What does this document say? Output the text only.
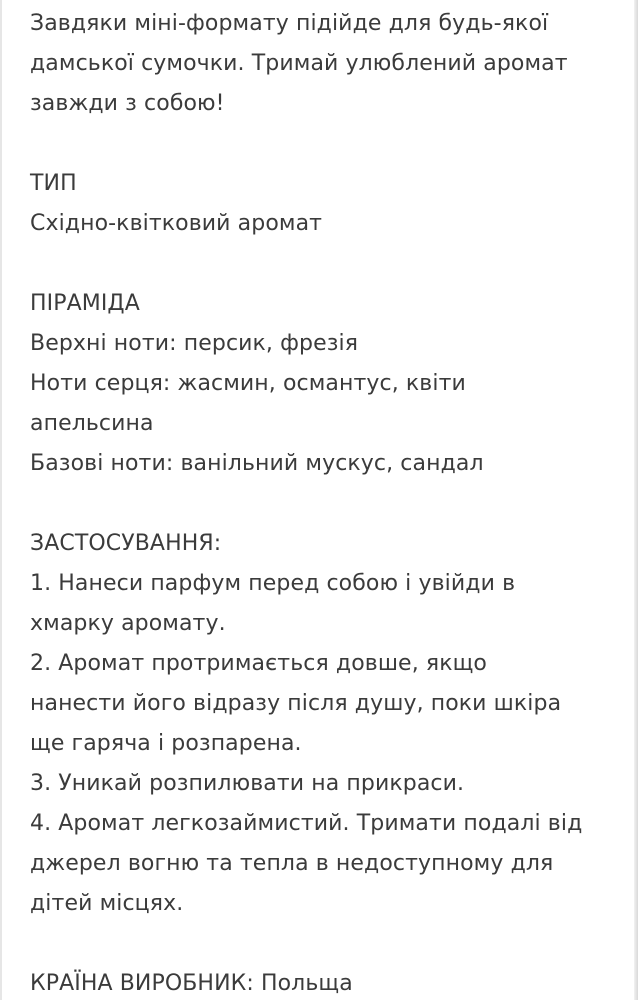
Завдяки міні-формату підійде для будь-якої
дамської сумочки. Тримай улюблений аромат
завжди з собою!
ТИП
Східно-квітковий аромат
ПІРАМІДА
Верхні ноти: персик, фрезія
Ноти серця: жасмин, османтус, квіти
апельсина
Базові ноти: ванільний мускус, сандал
ЗАСТОСУВАННЯ:
1. Нанеси парфум перед собою і увійди в
хмарку аромату.
2. Аромат протримається довше, якщо
нанести його відразу після душу, поки шкіра
ще гаряча і розпарена.
3. Уникай розпилювати на прикраси.
4. Аромат легкозаймистий. Тримати подалі від
джерел вогню та тепла в недоступному для
дітей місцях.
КРАЇНА ВИРОБНИК: Польща
